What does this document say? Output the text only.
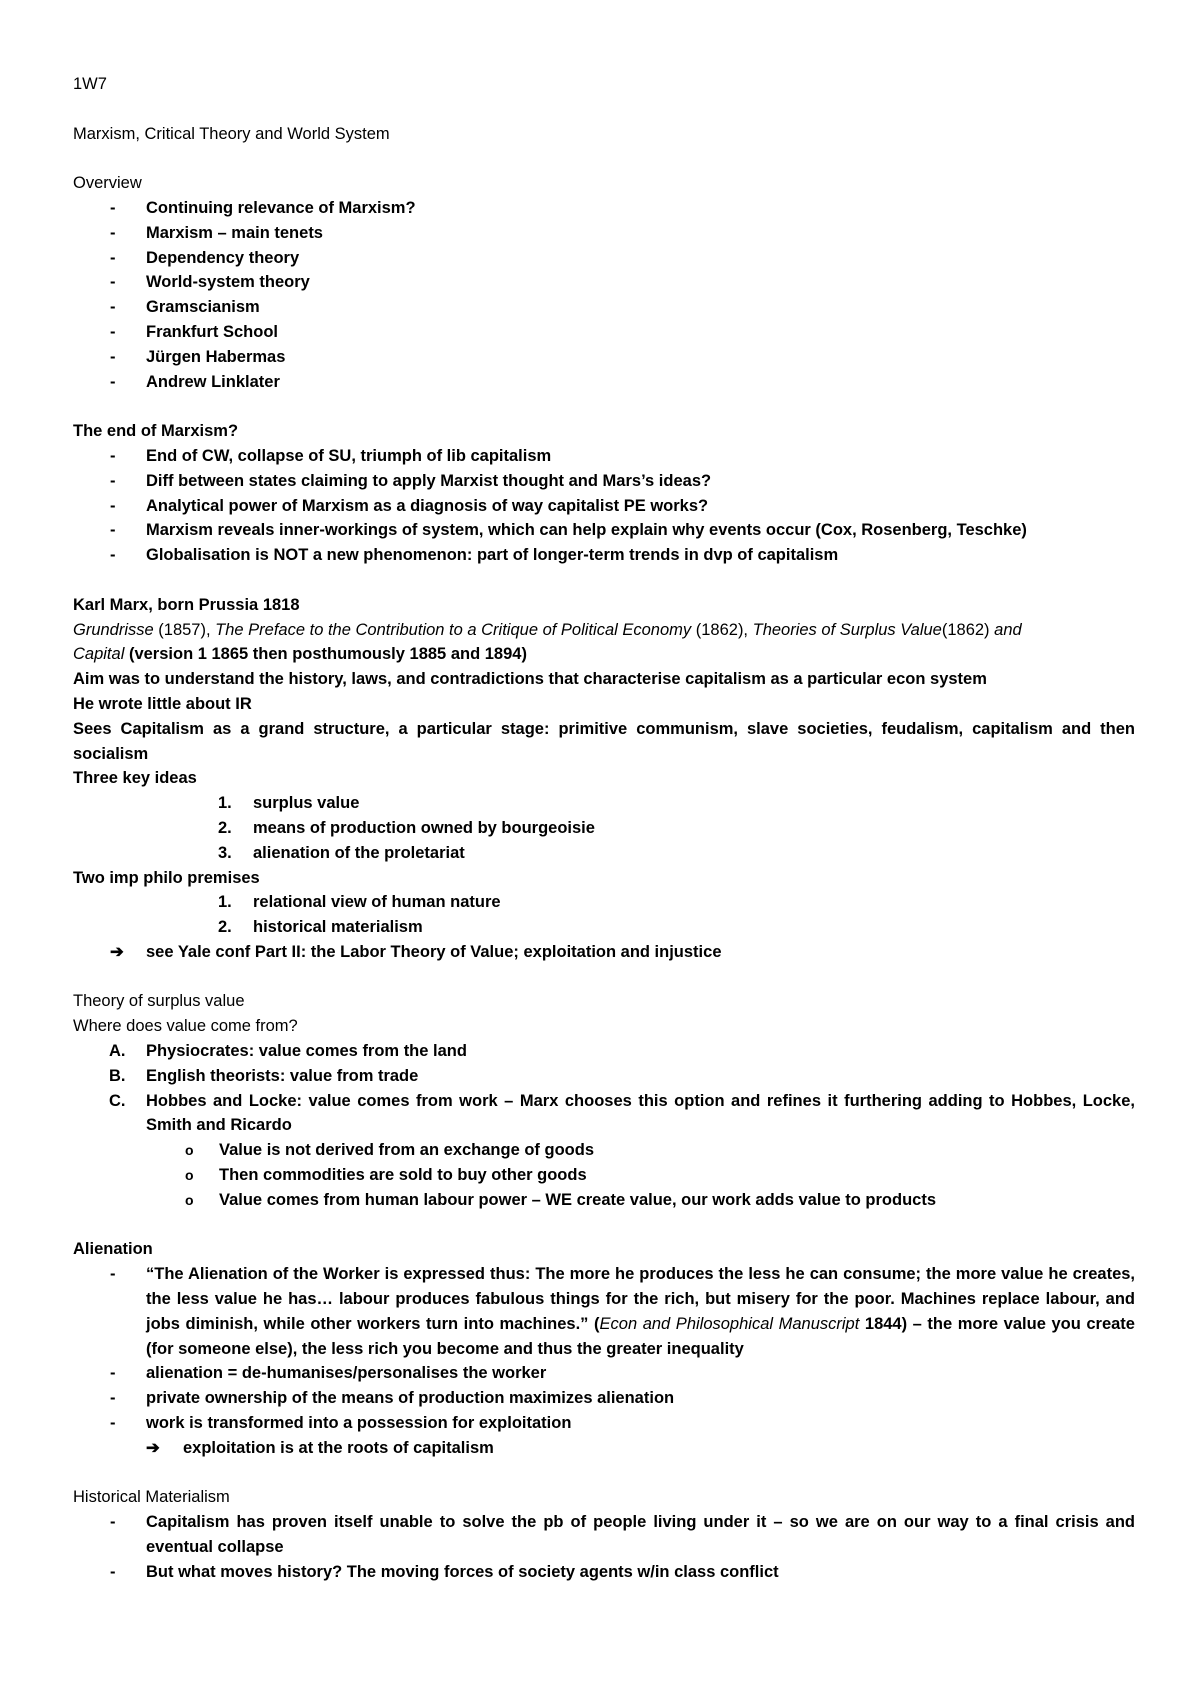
1W7
Marxism, Critical Theory and World System
Overview
- Continuing relevance of Marxism?
- Marxism – main tenets
- Dependency theory
- World-system theory
- Gramscianism
- Frankfurt School
- Jürgen Habermas
- Andrew Linklater
The end of Marxism?
- End of CW, collapse of SU, triumph of lib capitalism
- Diff between states claiming to apply Marxist thought and Mars’s ideas?
- Analytical power of Marxism as a diagnosis of way capitalist PE works?
- Marxism reveals inner-workings of system, which can help explain why events occur (Cox, Rosenberg, Teschke)
- Globalisation is NOT a new phenomenon: part of longer-term trends in dvp of capitalism
Karl Marx, born Prussia 1818
Grundrisse (1857), The Preface to the Contribution to a Critique of Political Economy (1862), Theories of Surplus Value(1862) and
Capital (version 1 1865 then posthumously 1885 and 1894)
Aim was to understand the history, laws, and contradictions that characterise capitalism as a particular econ system
He wrote little about IR
Sees Capitalism as a grand structure, a particular stage: primitive communism, slave societies, feudalism, capitalism and then socialism
Three key ideas
1. surplus value
2. means of production owned by bourgeoisie
3. alienation of the proletariat
Two imp philo premises
1. relational view of human nature
2. historical materialism
➔ see Yale conf Part II: the Labor Theory of Value; exploitation and injustice
Theory of surplus value
Where does value come from?
A. Physiocrates: value comes from the land
B. English theorists: value from trade
C. Hobbes and Locke: value comes from work – Marx chooses this option and refines it furthering adding to Hobbes, Locke, Smith and Ricardo
o Value is not derived from an exchange of goods
o Then commodities are sold to buy other goods
o Value comes from human labour power – WE create value, our work adds value to products
Alienation
- “The Alienation of the Worker is expressed thus: The more he produces the less he can consume; the more value he creates, the less value he has… labour produces fabulous things for the rich, but misery for the poor. Machines replace labour, and jobs diminish, while other workers turn into machines.” (Econ and Philosophical Manuscript 1844) – the more value you create (for someone else), the less rich you become and thus the greater inequality
- alienation = de-humanises/personalises the worker
- private ownership of the means of production maximizes alienation
- work is transformed into a possession for exploitation
➔ exploitation is at the roots of capitalism
Historical Materialism
- Capitalism has proven itself unable to solve the pb of people living under it – so we are on our way to a final crisis and eventual collapse
- But what moves history? The moving forces of society agents w/in class conflict
